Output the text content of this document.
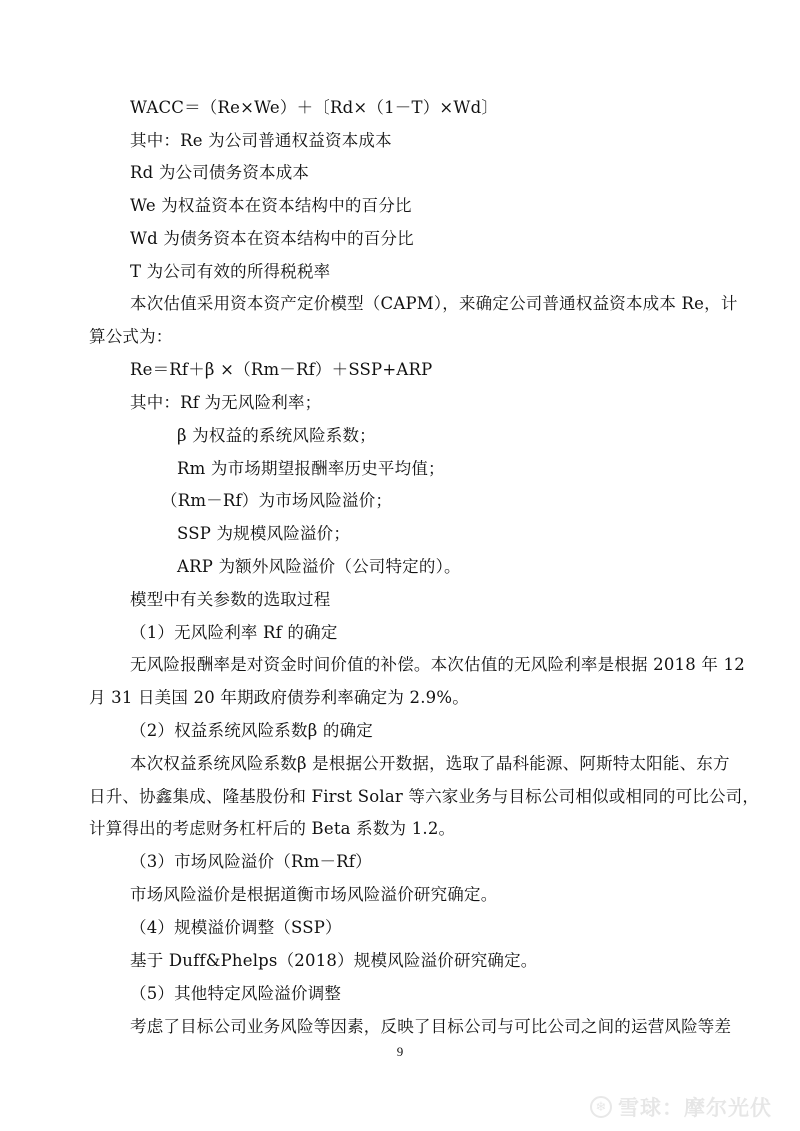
WACC＝（Re×We）＋〔Rd×（1－T）×Wd〕
其中：Re 为公司普通权益资本成本
Rd 为公司债务资本成本
We 为权益资本在资本结构中的百分比
Wd 为债务资本在资本结构中的百分比
T 为公司有效的所得税税率
本次估值采用资本资产定价模型（CAPM），来确定公司普通权益资本成本 Re，计
算公式为：
Re＝Rf＋β ×（Rm－Rf）＋SSP+ARP
其中：Rf 为无风险利率；
β 为权益的系统风险系数；
Rm 为市场期望报酬率历史平均值；
（Rm－Rf）为市场风险溢价；
SSP 为规模风险溢价；
ARP 为额外风险溢价（公司特定的）。
模型中有关参数的选取过程
（1）无风险利率 Rf 的确定
无风险报酬率是对资金时间价值的补偿。本次估值的无风险利率是根据 2018 年 12
月 31 日美国 20 年期政府债券利率确定为 2.9%。
（2）权益系统风险系数β 的确定
本次权益系统风险系数β 是根据公开数据，选取了晶科能源、阿斯特太阳能、东方
日升、协鑫集成、隆基股份和 First Solar 等六家业务与目标公司相似或相同的可比公司，
计算得出的考虑财务杠杆后的 Beta 系数为 1.2。
（3）市场风险溢价（Rm－Rf）
市场风险溢价是根据道衡市场风险溢价研究确定。
（4）规模溢价调整（SSP）
基于 Duff&Phelps（2018）规模风险溢价研究确定。
（5）其他特定风险溢价调整
考虑了目标公司业务风险等因素，反映了目标公司与可比公司之间的运营风险等差
9
❄ 雪球：摩尔光伏
